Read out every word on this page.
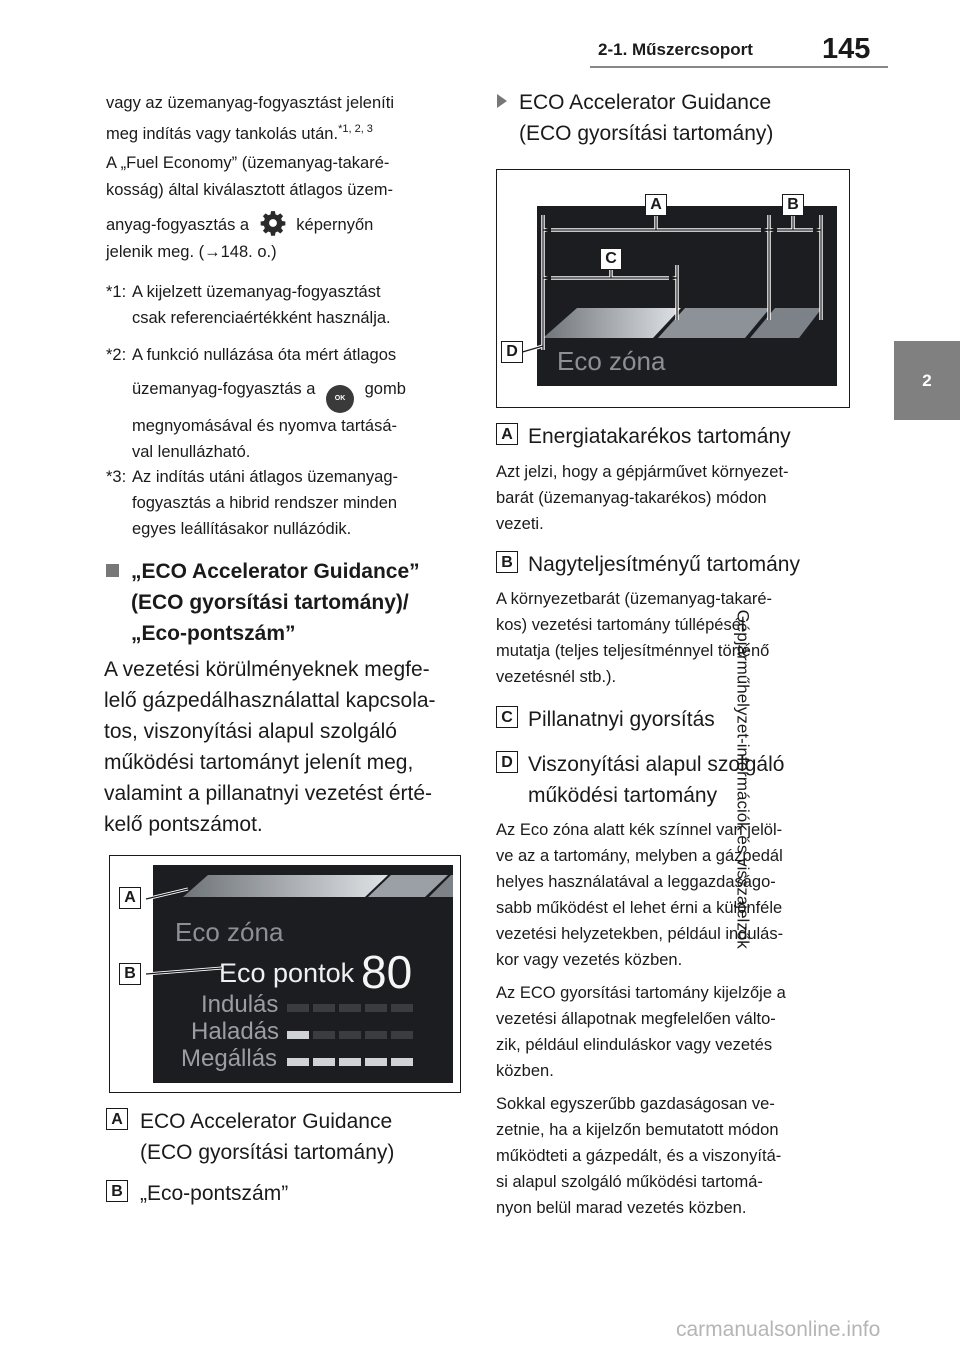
2-1. Műszercsoport 145
2
Gépjárműhelyzet-információk és visszajelzők
vagy az üzemanyag-fogyasztást jeleníti
meg indítás vagy tankolás után.$^{*1, 2, 3}$
A „Fuel Economy” (üzemanyag-takaré-
kosság) által kiválasztott átlagos üzem-
anyag-fogyasztás a	képernyőn
jelenik meg. (→148. o.)
*1: A kijelzett üzemanyag-fogyasztást
csak referenciaértékként használja.
*2: A funkció nullázása óta mért átlagos
üzemanyag-fogyasztás a OK gomb
megnyomásával és nyomva tartásá-
val lenullázható.
*3: Az indítás utáni átlagos üzemanyag-
fogyasztás a hibrid rendszer minden
egyes leállításakor nullázódik.
„ECO Accelerator Guidance”
(ECO gyorsítási tartomány)/
„Eco-pontszám”
A vezetési körülményeknek megfe-
lelő gázpedálhasználattal kapcsola-
tos, viszonyítási alapul szolgáló
működési tartományt jelenít meg,
valamint a pillanatnyi vezetést érté-
kelő pontszámot.
Eco zóna
Eco pontok 80
Indulás
Haladás
Megállás
A
B
A ECO Accelerator Guidance
(ECO gyorsítási tartomány)
B „Eco-pontszám”
ECO Accelerator Guidance
(ECO gyorsítási tartomány)
Eco zóna
A	B
C
D
A Energiatakarékos tartomány
Azt jelzi, hogy a gépjárművet környezet-
barát (üzemanyag-takarékos) módon
vezeti.
B Nagyteljesítményű tartomány
A környezetbarát (üzemanyag-takaré-
kos) vezetési tartomány túllépését
mutatja (teljes teljesítménnyel történő
vezetésnél stb.).
C Pillanatnyi gyorsítás
D Viszonyítási alapul szolgáló
működési tartomány
Az Eco zóna alatt kék színnel van jelöl-
ve az a tartomány, melyben a gázpedál
helyes használatával a leggazdaságo-
sabb működést el lehet érni a különféle
vezetési helyzetekben, például indulás-
kor vagy vezetés közben.
Az ECO gyorsítási tartomány kijelzője a
vezetési állapotnak megfelelően válto-
zik, például elinduláskor vagy vezetés
közben.
Sokkal egyszerűbb gazdaságosan ve-
zetnie, ha a kijelzőn bemutatott módon
működteti a gázpedált, és a viszonyítá-
si alapul szolgáló működési tartomá-
nyon belül marad vezetés közben.
carmanualsonline.info
